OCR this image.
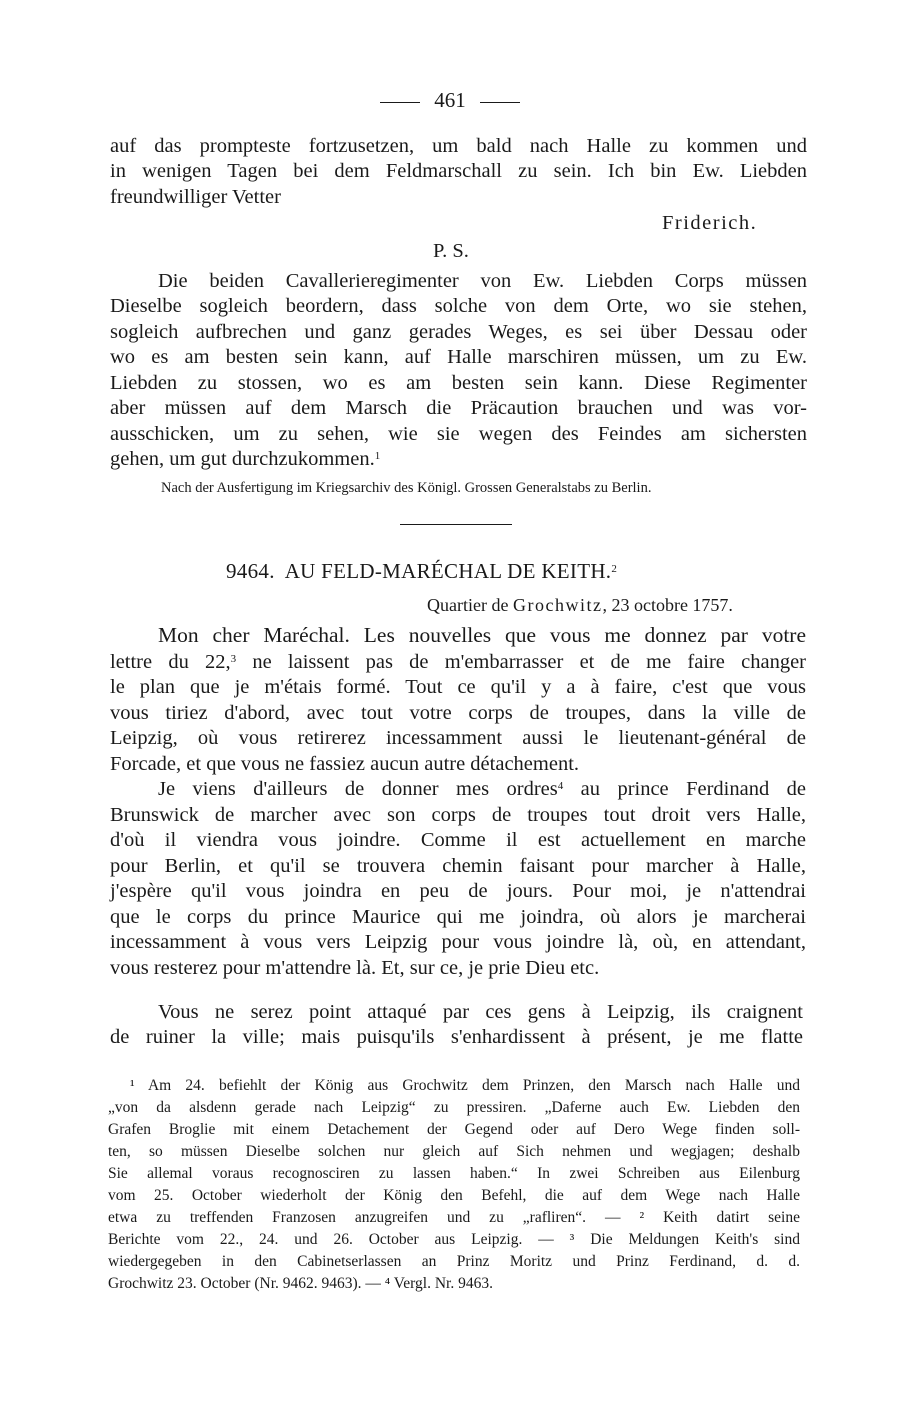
461
auf das prompteste fortzusetzen, um bald nach Halle zu kommen und
in wenigen Tagen bei dem Feldmarschall zu sein. Ich bin Ew. Liebden
freundwilliger Vetter
Friderich.
P. S.
Die beiden Cavallerieregimenter von Ew. Liebden Corps müssen
Dieselbe sogleich beordern, dass solche von dem Orte, wo sie stehen,
sogleich aufbrechen und ganz gerades Weges, es sei über Dessau oder
wo es am besten sein kann, auf Halle marschiren müssen, um zu Ew.
Liebden zu stossen, wo es am besten sein kann. Diese Regimenter
aber müssen auf dem Marsch die Präcaution brauchen und was vor-
ausschicken, um zu sehen, wie sie wegen des Feindes am sichersten
gehen, um gut durchzukommen.$^1$
Nach der Ausfertigung im Kriegsarchiv des Königl. Grossen Generalstabs zu Berlin.
9464. AU FELD-MARÉCHAL DE KEITH.$^2$
Quartier de Grochwitz, 23 octobre 1757.
Mon cher Maréchal. Les nouvelles que vous me donnez par votre
lettre du 22,$^3$ ne laissent pas de m'embarrasser et de me faire changer
le plan que je m'étais formé. Tout ce qu'il y a à faire, c'est que vous
vous tiriez d'abord, avec tout votre corps de troupes, dans la ville de
Leipzig, où vous retirerez incessamment aussi le lieutenant-général de
Forcade, et que vous ne fassiez aucun autre détachement.
Je viens d'ailleurs de donner mes ordres$^4$ au prince Ferdinand de
Brunswick de marcher avec son corps de troupes tout droit vers Halle,
d'où il viendra vous joindre. Comme il est actuellement en marche
pour Berlin, et qu'il se trouvera chemin faisant pour marcher à Halle,
j'espère qu'il vous joindra en peu de jours. Pour moi, je n'attendrai
que le corps du prince Maurice qui me joindra, où alors je marcherai
incessamment à vous vers Leipzig pour vous joindre là, où, en attendant,
vous resterez pour m'attendre là. Et, sur ce, je prie Dieu etc.
Vous ne serez point attaqué par ces gens à Leipzig, ils craignent
de ruiner la ville; mais puisqu'ils s'enhardissent à présent, je me flatte
¹ Am 24. befiehlt der König aus Grochwitz dem Prinzen, den Marsch nach Halle und
„von da alsdenn gerade nach Leipzig“ zu pressiren. „Daferne auch Ew. Liebden den
Grafen Broglie mit einem Detachement der Gegend oder auf Dero Wege finden soll-
ten, so müssen Dieselbe solchen nur gleich auf Sich nehmen und wegjagen; deshalb
Sie allemal voraus recognosciren zu lassen haben.“ In zwei Schreiben aus Eilenburg
vom 25. October wiederholt der König den Befehl, die auf dem Wege nach Halle
etwa zu treffenden Franzosen anzugreifen und zu „rafliren“. — ² Keith datirt seine
Berichte vom 22., 24. und 26. October aus Leipzig. — ³ Die Meldungen Keith's sind
wiedergegeben in den Cabinetserlassen an Prinz Moritz und Prinz Ferdinand, d. d.
Grochwitz 23. October (Nr. 9462. 9463). — ⁴ Vergl. Nr. 9463.
